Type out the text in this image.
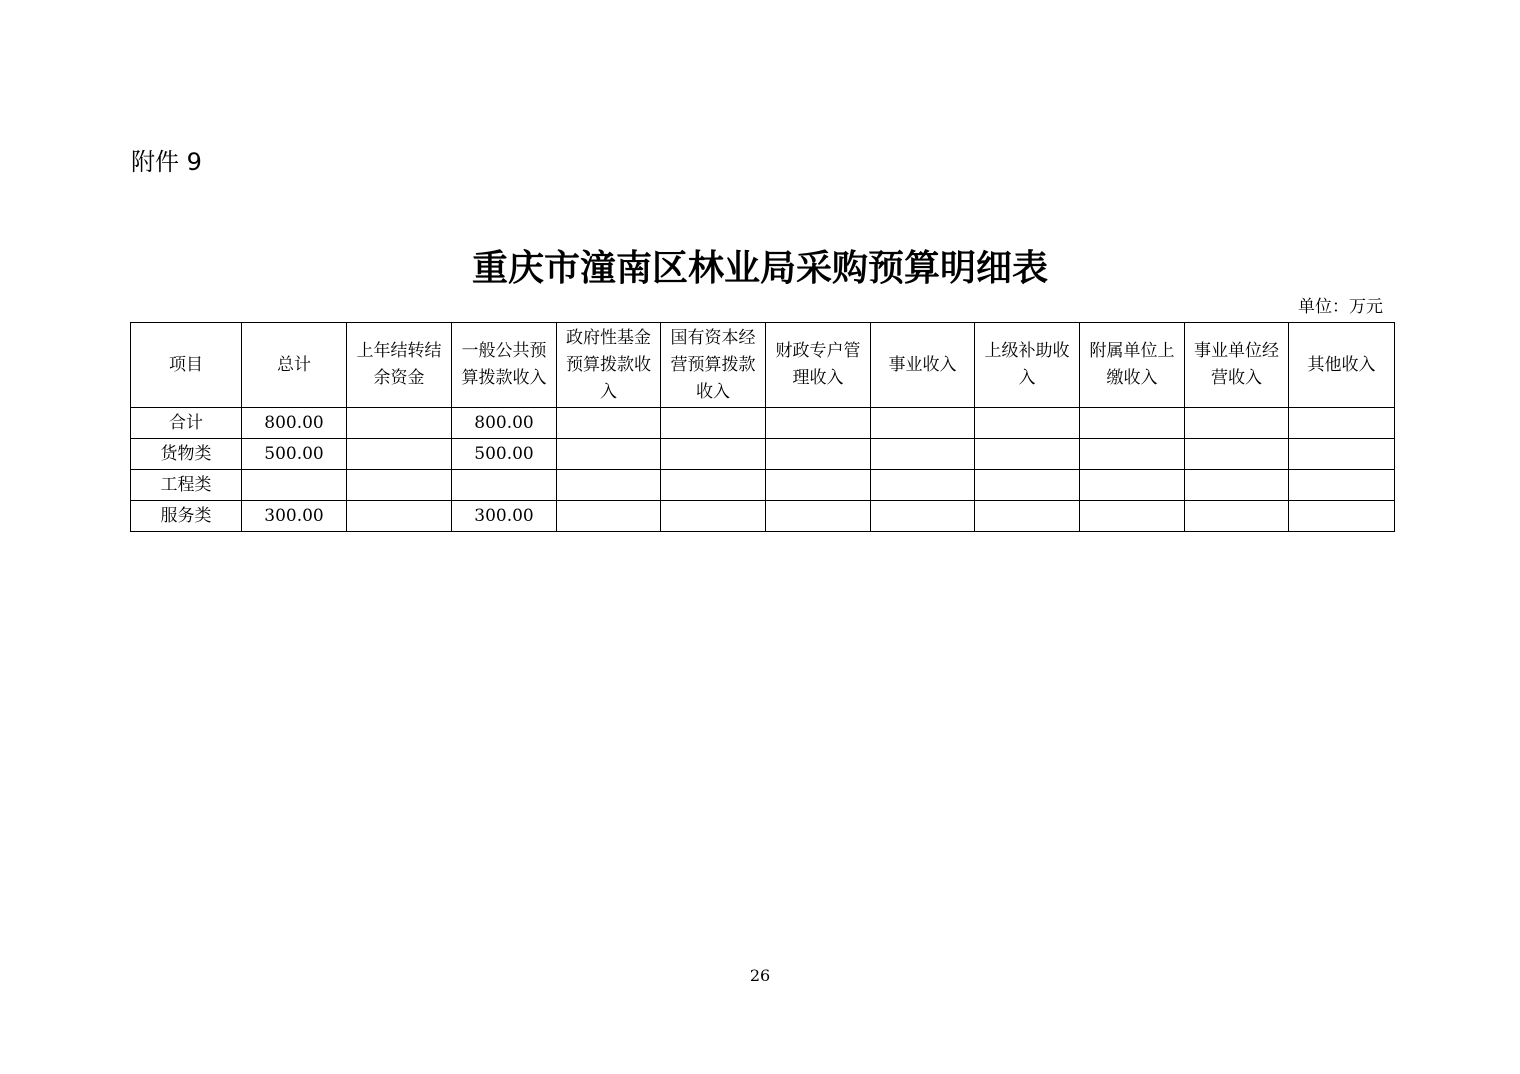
附件 9
重庆市潼南区林业局采购预算明细表
单位：万元
项目	总计	上年结转结余资金	一般公共预算拨款收入	政府性基金预算拨款收入	国有资本经营预算拨款收入	财政专户管理收入	事业收入	上级补助收入	附属单位上缴收入	事业单位经营收入	其他收入
合计	800.00		800.00								
货物类	500.00		500.00								
工程类											
服务类	300.00		300.00								
26
